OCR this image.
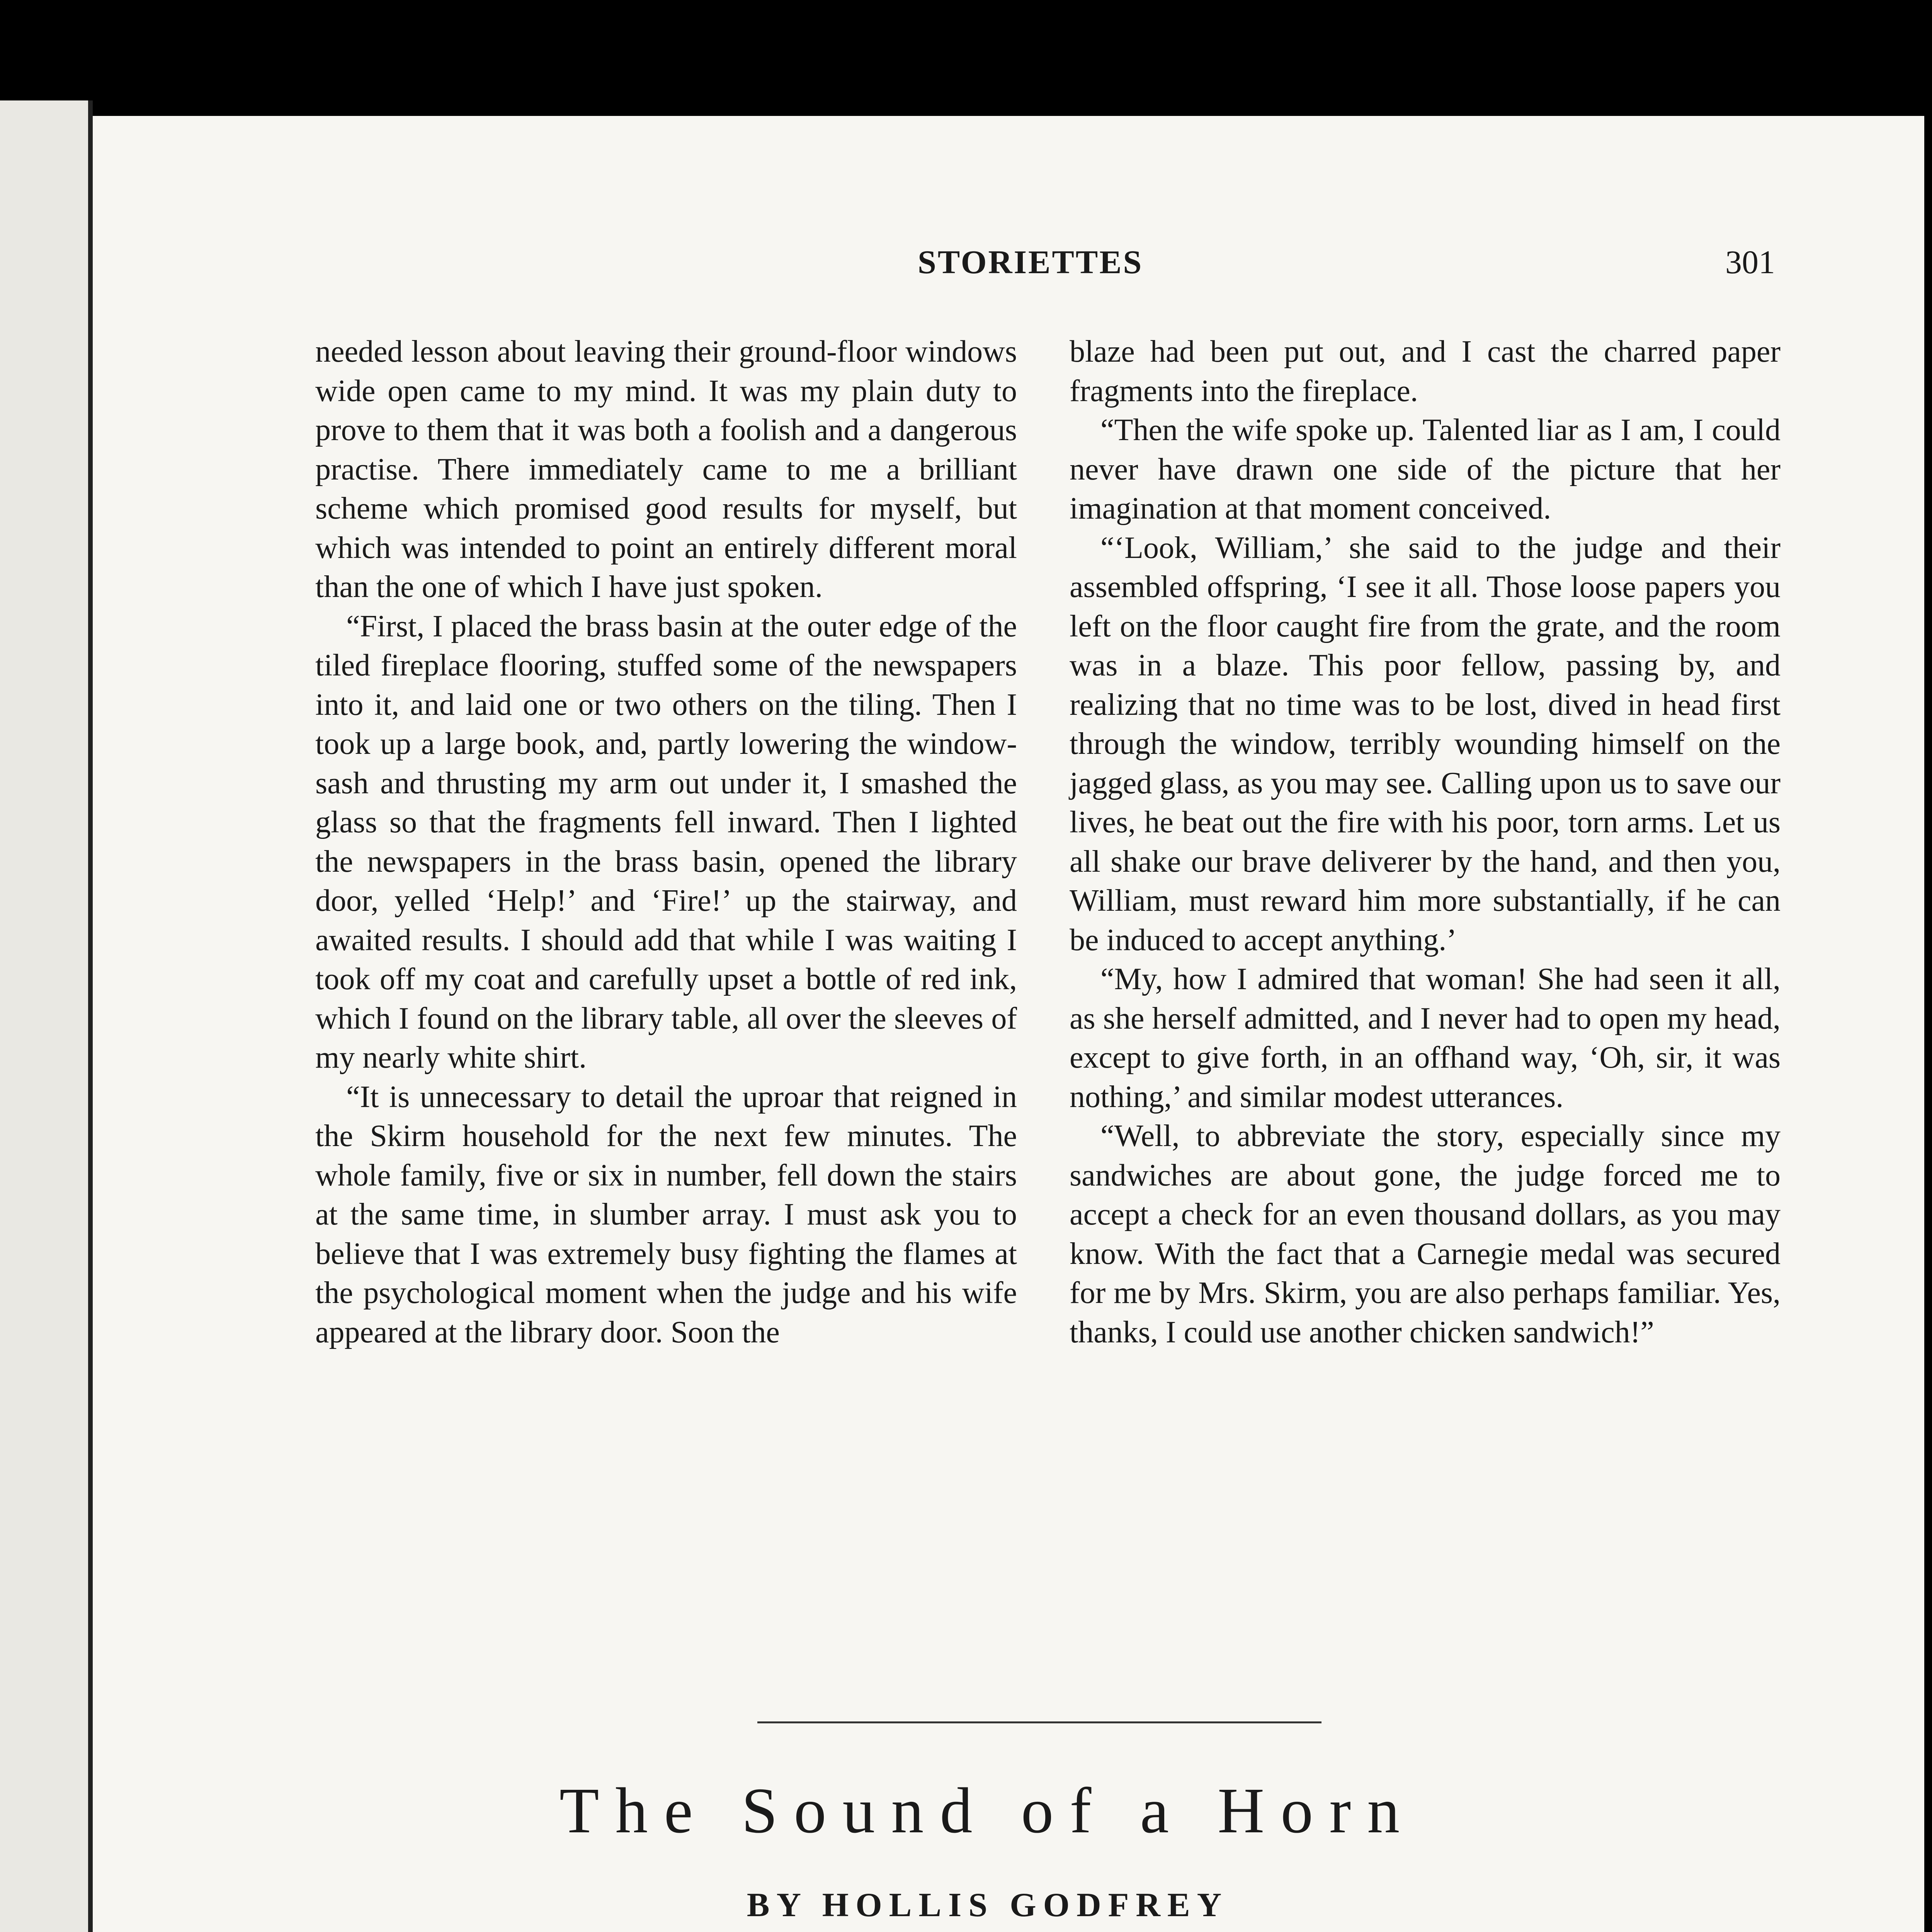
STORIETTES	301

needed lesson about leaving their ground-floor windows wide open came to my mind. It was my plain duty to prove to them that it was both a foolish and a dangerous practise. There immediately came to me a brilliant scheme which promised good results for myself, but which was intended to point an entirely different moral than the one of which I have just spoken.

“First, I placed the brass basin at the outer edge of the tiled fireplace flooring, stuffed some of the newspapers into it, and laid one or two others on the tiling. Then I took up a large book, and, partly lowering the window-sash and thrusting my arm out under it, I smashed the glass so that the fragments fell inward. Then I lighted the newspapers in the brass basin, opened the library door, yelled ‘Help!’ and ‘Fire!’ up the stairway, and awaited results. I should add that while I was waiting I took off my coat and carefully upset a bottle of red ink, which I found on the library table, all over the sleeves of my nearly white shirt.

“It is unnecessary to detail the uproar that reigned in the Skirm household for the next few minutes. The whole family, five or six in number, fell down the stairs at the same time, in slumber array. I must ask you to believe that I was extremely busy fighting the flames at the psychological moment when the judge and his wife appeared at the library door. Soon the

blaze had been put out, and I cast the charred paper fragments into the fireplace.

“Then the wife spoke up. Talented liar as I am, I could never have drawn one side of the picture that her imagination at that moment conceived.

“‘Look, William,’ she said to the judge and their assembled offspring, ‘I see it all. Those loose papers you left on the floor caught fire from the grate, and the room was in a blaze. This poor fellow, passing by, and realizing that no time was to be lost, dived in head first through the window, terribly wounding himself on the jagged glass, as you may see. Calling upon us to save our lives, he beat out the fire with his poor, torn arms. Let us all shake our brave deliverer by the hand, and then you, William, must reward him more substantially, if he can be induced to accept anything.’

“My, how I admired that woman! She had seen it all, as she herself admitted, and I never had to open my head, except to give forth, in an offhand way, ‘Oh, sir, it was nothing,’ and similar modest utterances.

“Well, to abbreviate the story, especially since my sandwiches are about gone, the judge forced me to accept a check for an even thousand dollars, as you may know. With the fact that a Carnegie medal was secured for me by Mrs. Skirm, you are also perhaps familiar. Yes, thanks, I could use another chicken sandwich!”

The Sound of a Horn
BY HOLLIS GODFREY
